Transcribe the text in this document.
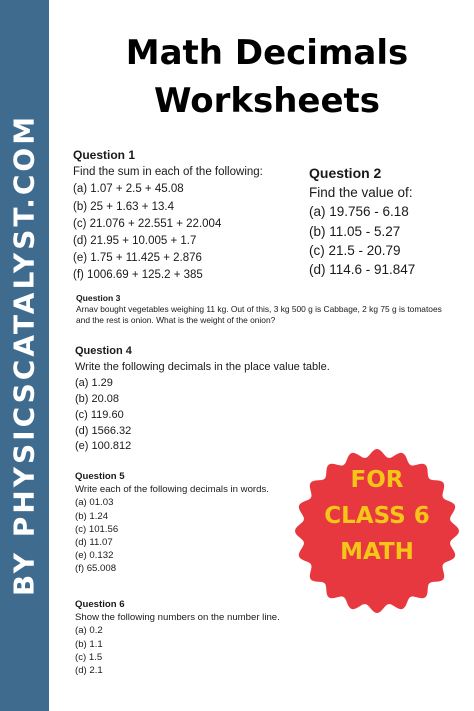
BY PHYSICSCATALYST.COM
Math Decimals
Worksheets

Question 1

Find the sum in each of the following:

(a) 1.07 + 2.5 + 45.08

(b) 25 + 1.63 + 13.4

(c) 21.076 + 22.551 + 22.004

(d) 21.95 + 10.005 + 1.7

(e) 1.75 + 11.425 + 2.876

(f) 1006.69 + 125.2 + 385

Question 2

Find the value of:

(a) 19.756 - 6.18

(b) 11.05 - 5.27

(c) 21.5 - 20.79

(d) 114.6 - 91.847

Question 3

Arnav bought vegetables weighing 11 kg. Out of this, 3 kg 500 g is Cabbage, 2 kg 75 g is tomatoes and the rest is onion. What is the weight of the onion?

Question 4

Write the following decimals in the place value table.

(a) 1.29

(b) 20.08

(c) 119.60

(d) 1566.32

(e) 100.812

Question 5

Write each of the following decimals in words.

(a) 01.03

(b) 1.24

(c) 101.56

(d) 11.07

(e) 0.132

(f) 65.008

Question 6

Show the following numbers on the number line.

(a) 0.2

(b) 1.1

(c) 1.5

(d) 2.1

FOR
CLASS 6
MATH
